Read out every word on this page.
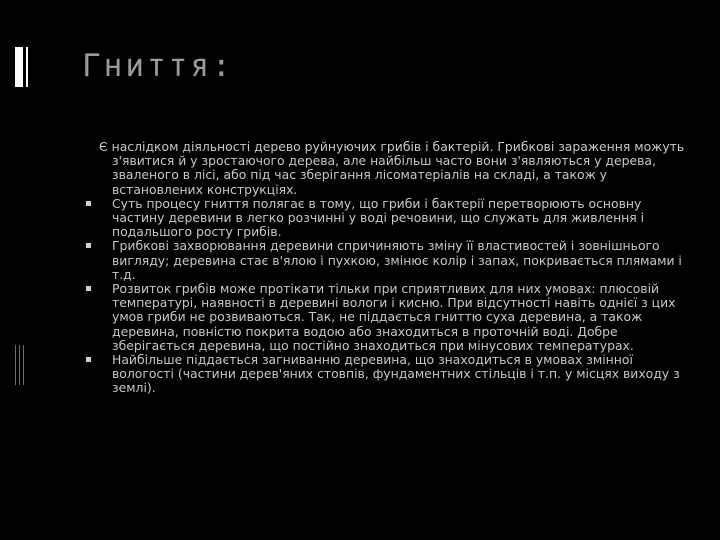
Гниття:

Є наслідком діяльності дерево руйнуючих грибів і бактерій. Грибкові зараження можуть з'явитися й у зростаючого дерева, але найбільш часто вони з'являються у дерева, зваленого в лісі, або під час зберігання лісоматеріалів на складі, а також у встановлених конструкціях.

Суть процесу гниття полягає в тому, що гриби і бактерії перетворюють основну частину деревини в легко розчинні у воді речовини, що служать для живлення і подальшого росту грибів.
Грибкові захворювання деревини спричиняють зміну її властивостей і зовнішнього вигляду; деревина стає в'ялою і пухкою, змінює колір і запах, покривається плямами і т.д.
Розвиток грибів може протікати тільки при сприятливих для них умовах: плюсовій температурі, наявності в деревині вологи і кисню. При відсутності навіть однієї з цих умов гриби не розвиваються. Так, не піддається гниттю суха деревина, а також деревина, повністю покрита водою або знаходиться в проточній воді. Добре зберігається деревина, що постійно знаходиться при мінусових температурах.
Найбільше піддається загниванню деревина, що знаходиться в умовах змінної вологості (частини дерев'яних стовпів, фундаментних стільців і т.п. у місцях виходу з землі).
